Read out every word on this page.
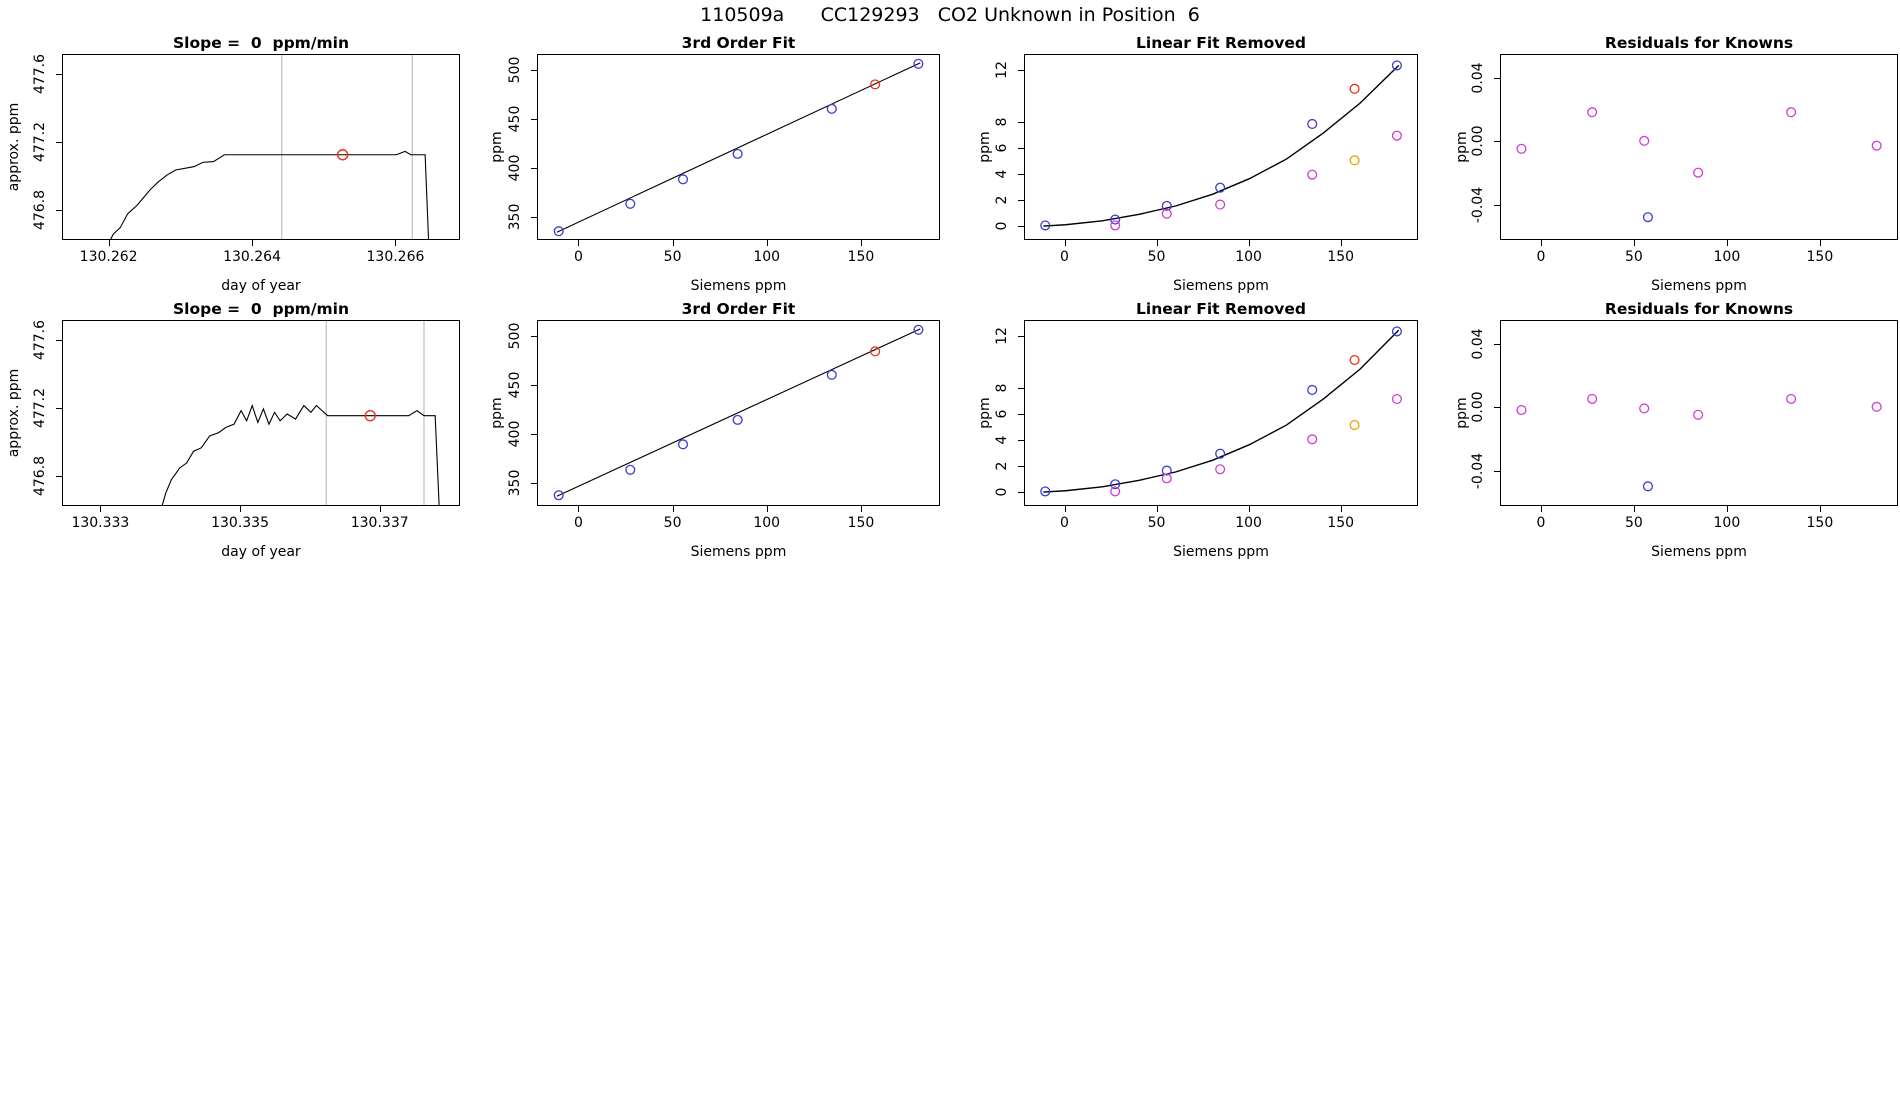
110509a      CC129293   CO2 Unknown in Position  6
Slope =  0  ppm/min
130.262	130.264	130.266
476.8
477.2
477.6
day of year
approx. ppm
3rd Order Fit
0	50	100	150
350
400
450
500
Siemens ppm
ppm
Linear Fit Removed
0	50	100	150
0
2
4
6
8
12
Siemens ppm
ppm
Residuals for Knowns
0	50	100	150
-0.04
0.00
0.04
Siemens ppm
ppm
Slope =  0  ppm/min
130.333	130.335	130.337
476.8
477.2
477.6
day of year
approx. ppm
3rd Order Fit
0	50	100	150
350
400
450
500
Siemens ppm
ppm
Linear Fit Removed
0	50	100	150
0
2
4
6
8
12
Siemens ppm
ppm
Residuals for Knowns
0	50	100	150
-0.04
0.00
0.04
Siemens ppm
ppm
